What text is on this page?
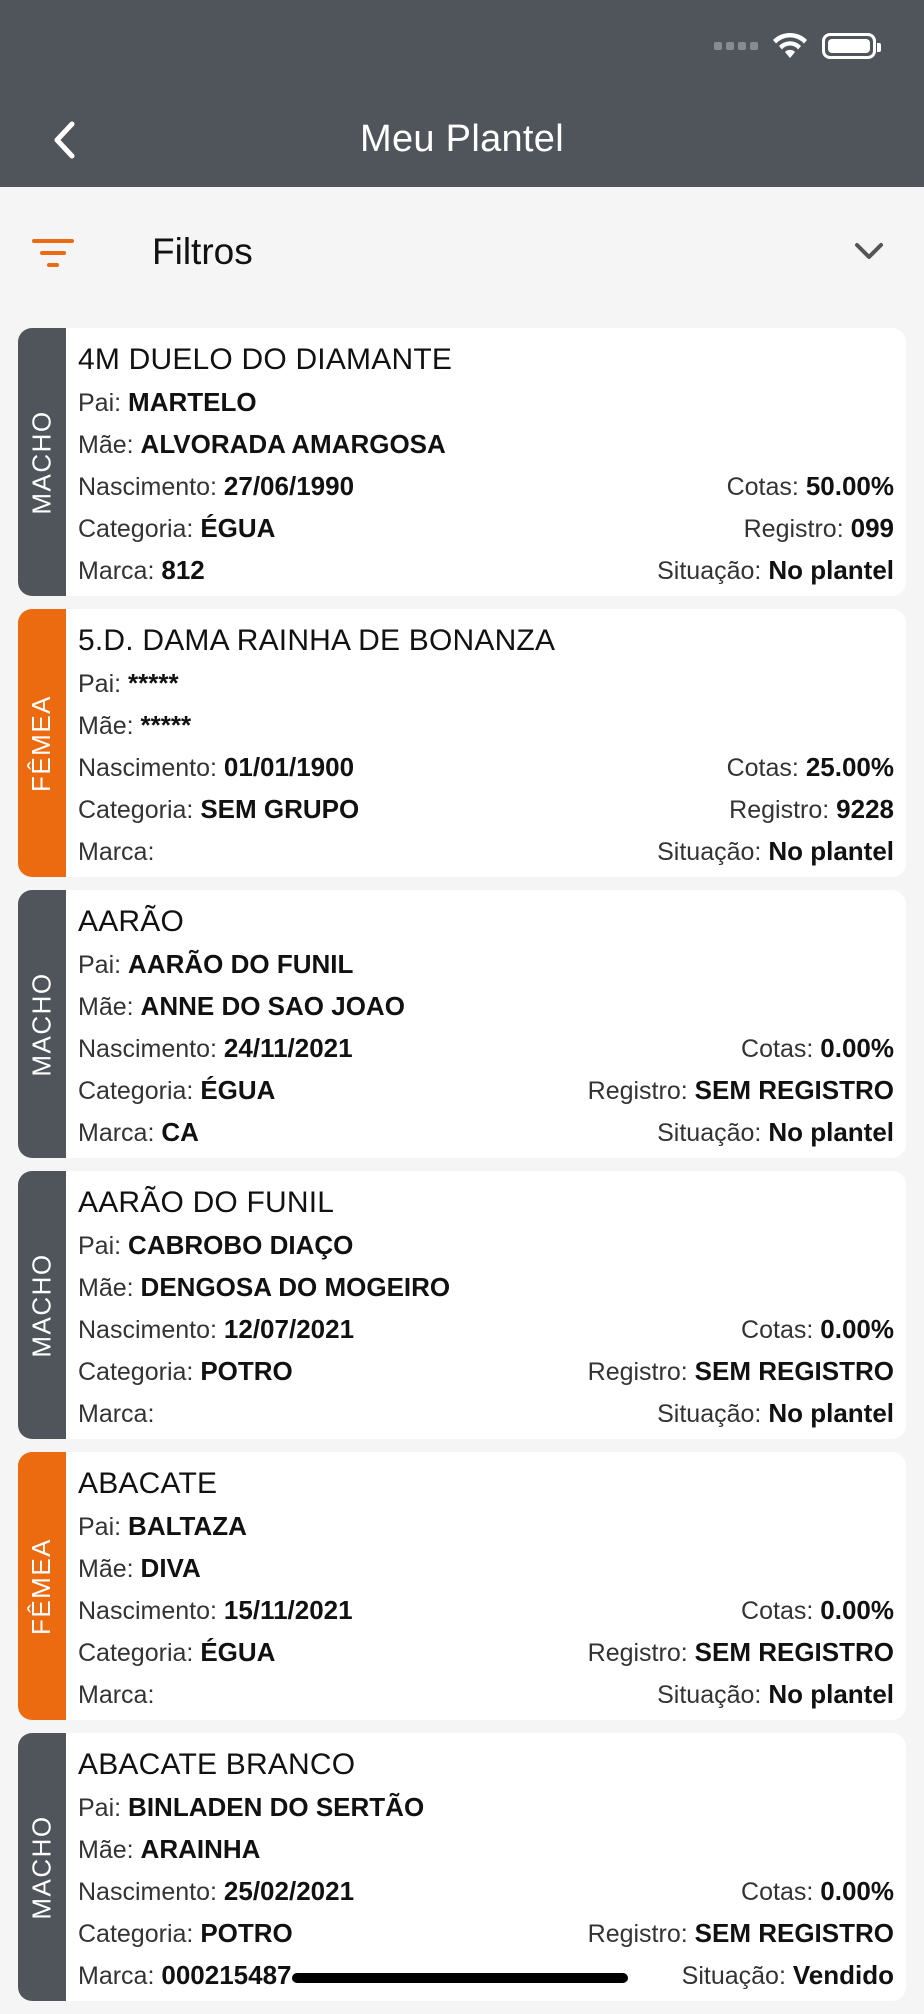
Meu Plantel
Filtros
MACHO
4M DUELO DO DIAMANTE
Pai: MARTELO
Mãe: ALVORADA AMARGOSA
Nascimento: 27/06/1990	Cotas: 50.00%
Categoria: ÉGUA	Registro: 099
Marca: 812	Situação: No plantel
FÊMEA
5.D. DAMA RAINHA DE BONANZA
Pai: *****
Mãe: *****
Nascimento: 01/01/1900	Cotas: 25.00%
Categoria: SEM GRUPO	Registro: 9228
Marca:	Situação: No plantel
MACHO
AARÃO
Pai: AARÃO DO FUNIL
Mãe: ANNE DO SAO JOAO
Nascimento: 24/11/2021	Cotas: 0.00%
Categoria: ÉGUA	Registro: SEM REGISTRO
Marca: CA	Situação: No plantel
MACHO
AARÃO DO FUNIL
Pai: CABROBO DIAÇO
Mãe: DENGOSA DO MOGEIRO
Nascimento: 12/07/2021	Cotas: 0.00%
Categoria: POTRO	Registro: SEM REGISTRO
Marca:	Situação: No plantel
FÊMEA
ABACATE
Pai: BALTAZA
Mãe: DIVA
Nascimento: 15/11/2021	Cotas: 0.00%
Categoria: ÉGUA	Registro: SEM REGISTRO
Marca:	Situação: No plantel
MACHO
ABACATE BRANCO
Pai: BINLADEN DO SERTÃO
Mãe: ARAINHA
Nascimento: 25/02/2021	Cotas: 0.00%
Categoria: POTRO	Registro: SEM REGISTRO
Marca: 000215487	Situação: Vendido
